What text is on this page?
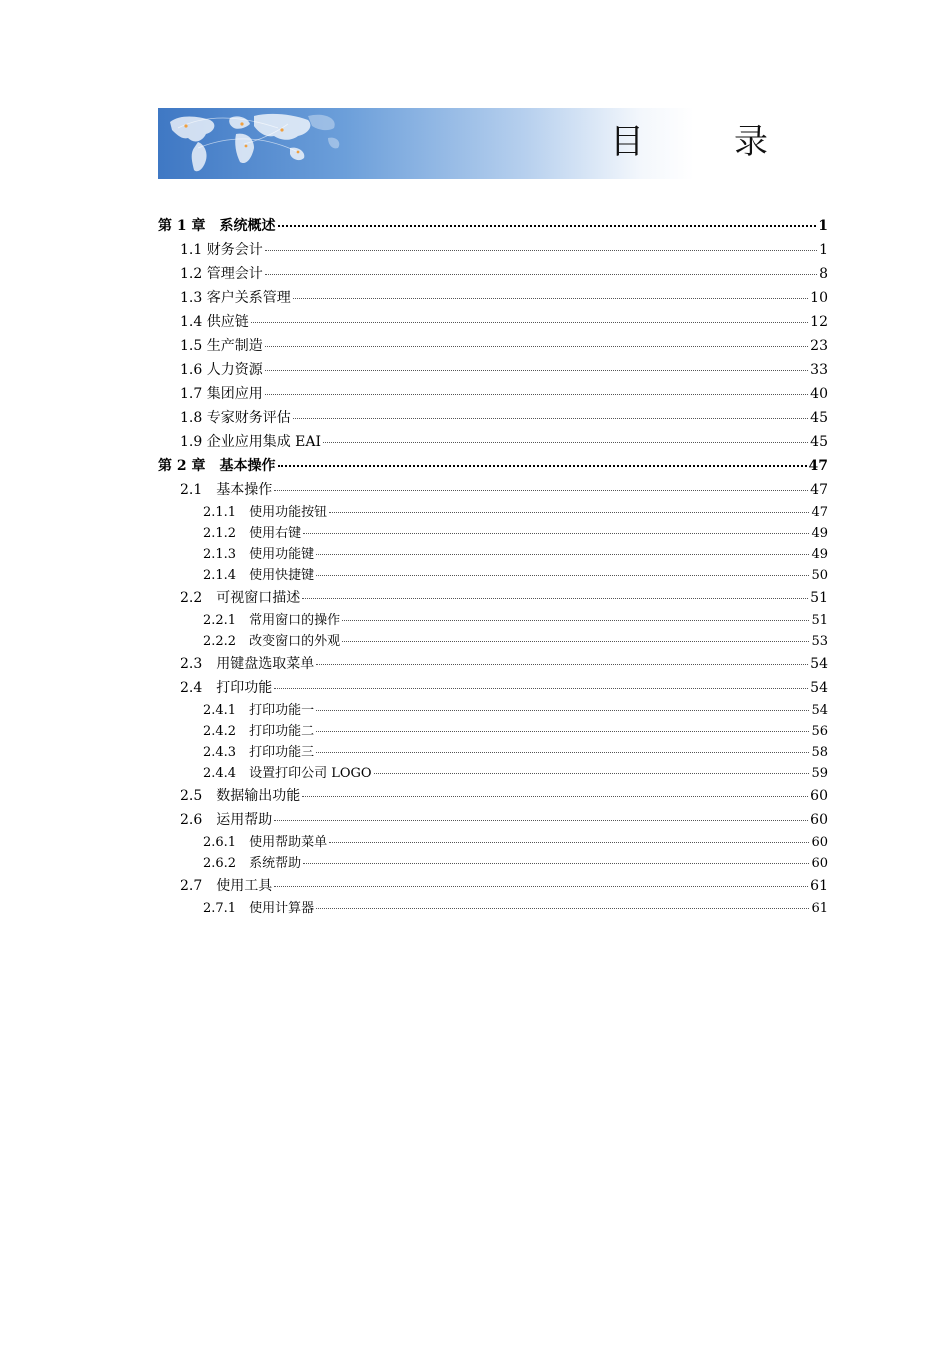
目　录
第 1 章　系统概述	1
1.1 财务会计	1
1.2 管理会计	8
1.3 客户关系管理	10
1.4 供应链	12
1.5 生产制造	23
1.6 人力资源	33
1.7 集团应用	40
1.8 专家财务评估	45
1.9 企业应用集成 EAI	45
第 2 章　基本操作	47
2.1　基本操作	47
2.1.1　使用功能按钮	47
2.1.2　使用右键	49
2.1.3　使用功能键	49
2.1.4　使用快捷键	50
2.2　可视窗口描述	51
2.2.1　常用窗口的操作	51
2.2.2　改变窗口的外观	53
2.3　用键盘选取菜单	54
2.4　打印功能	54
2.4.1　打印功能一	54
2.4.2　打印功能二	56
2.4.3　打印功能三	58
2.4.4　设置打印公司 LOGO	59
2.5　数据输出功能	60
2.6　运用帮助	60
2.6.1　使用帮助菜单	60
2.6.2　系统帮助	60
2.7　使用工具	61
2.7.1　使用计算器	61
